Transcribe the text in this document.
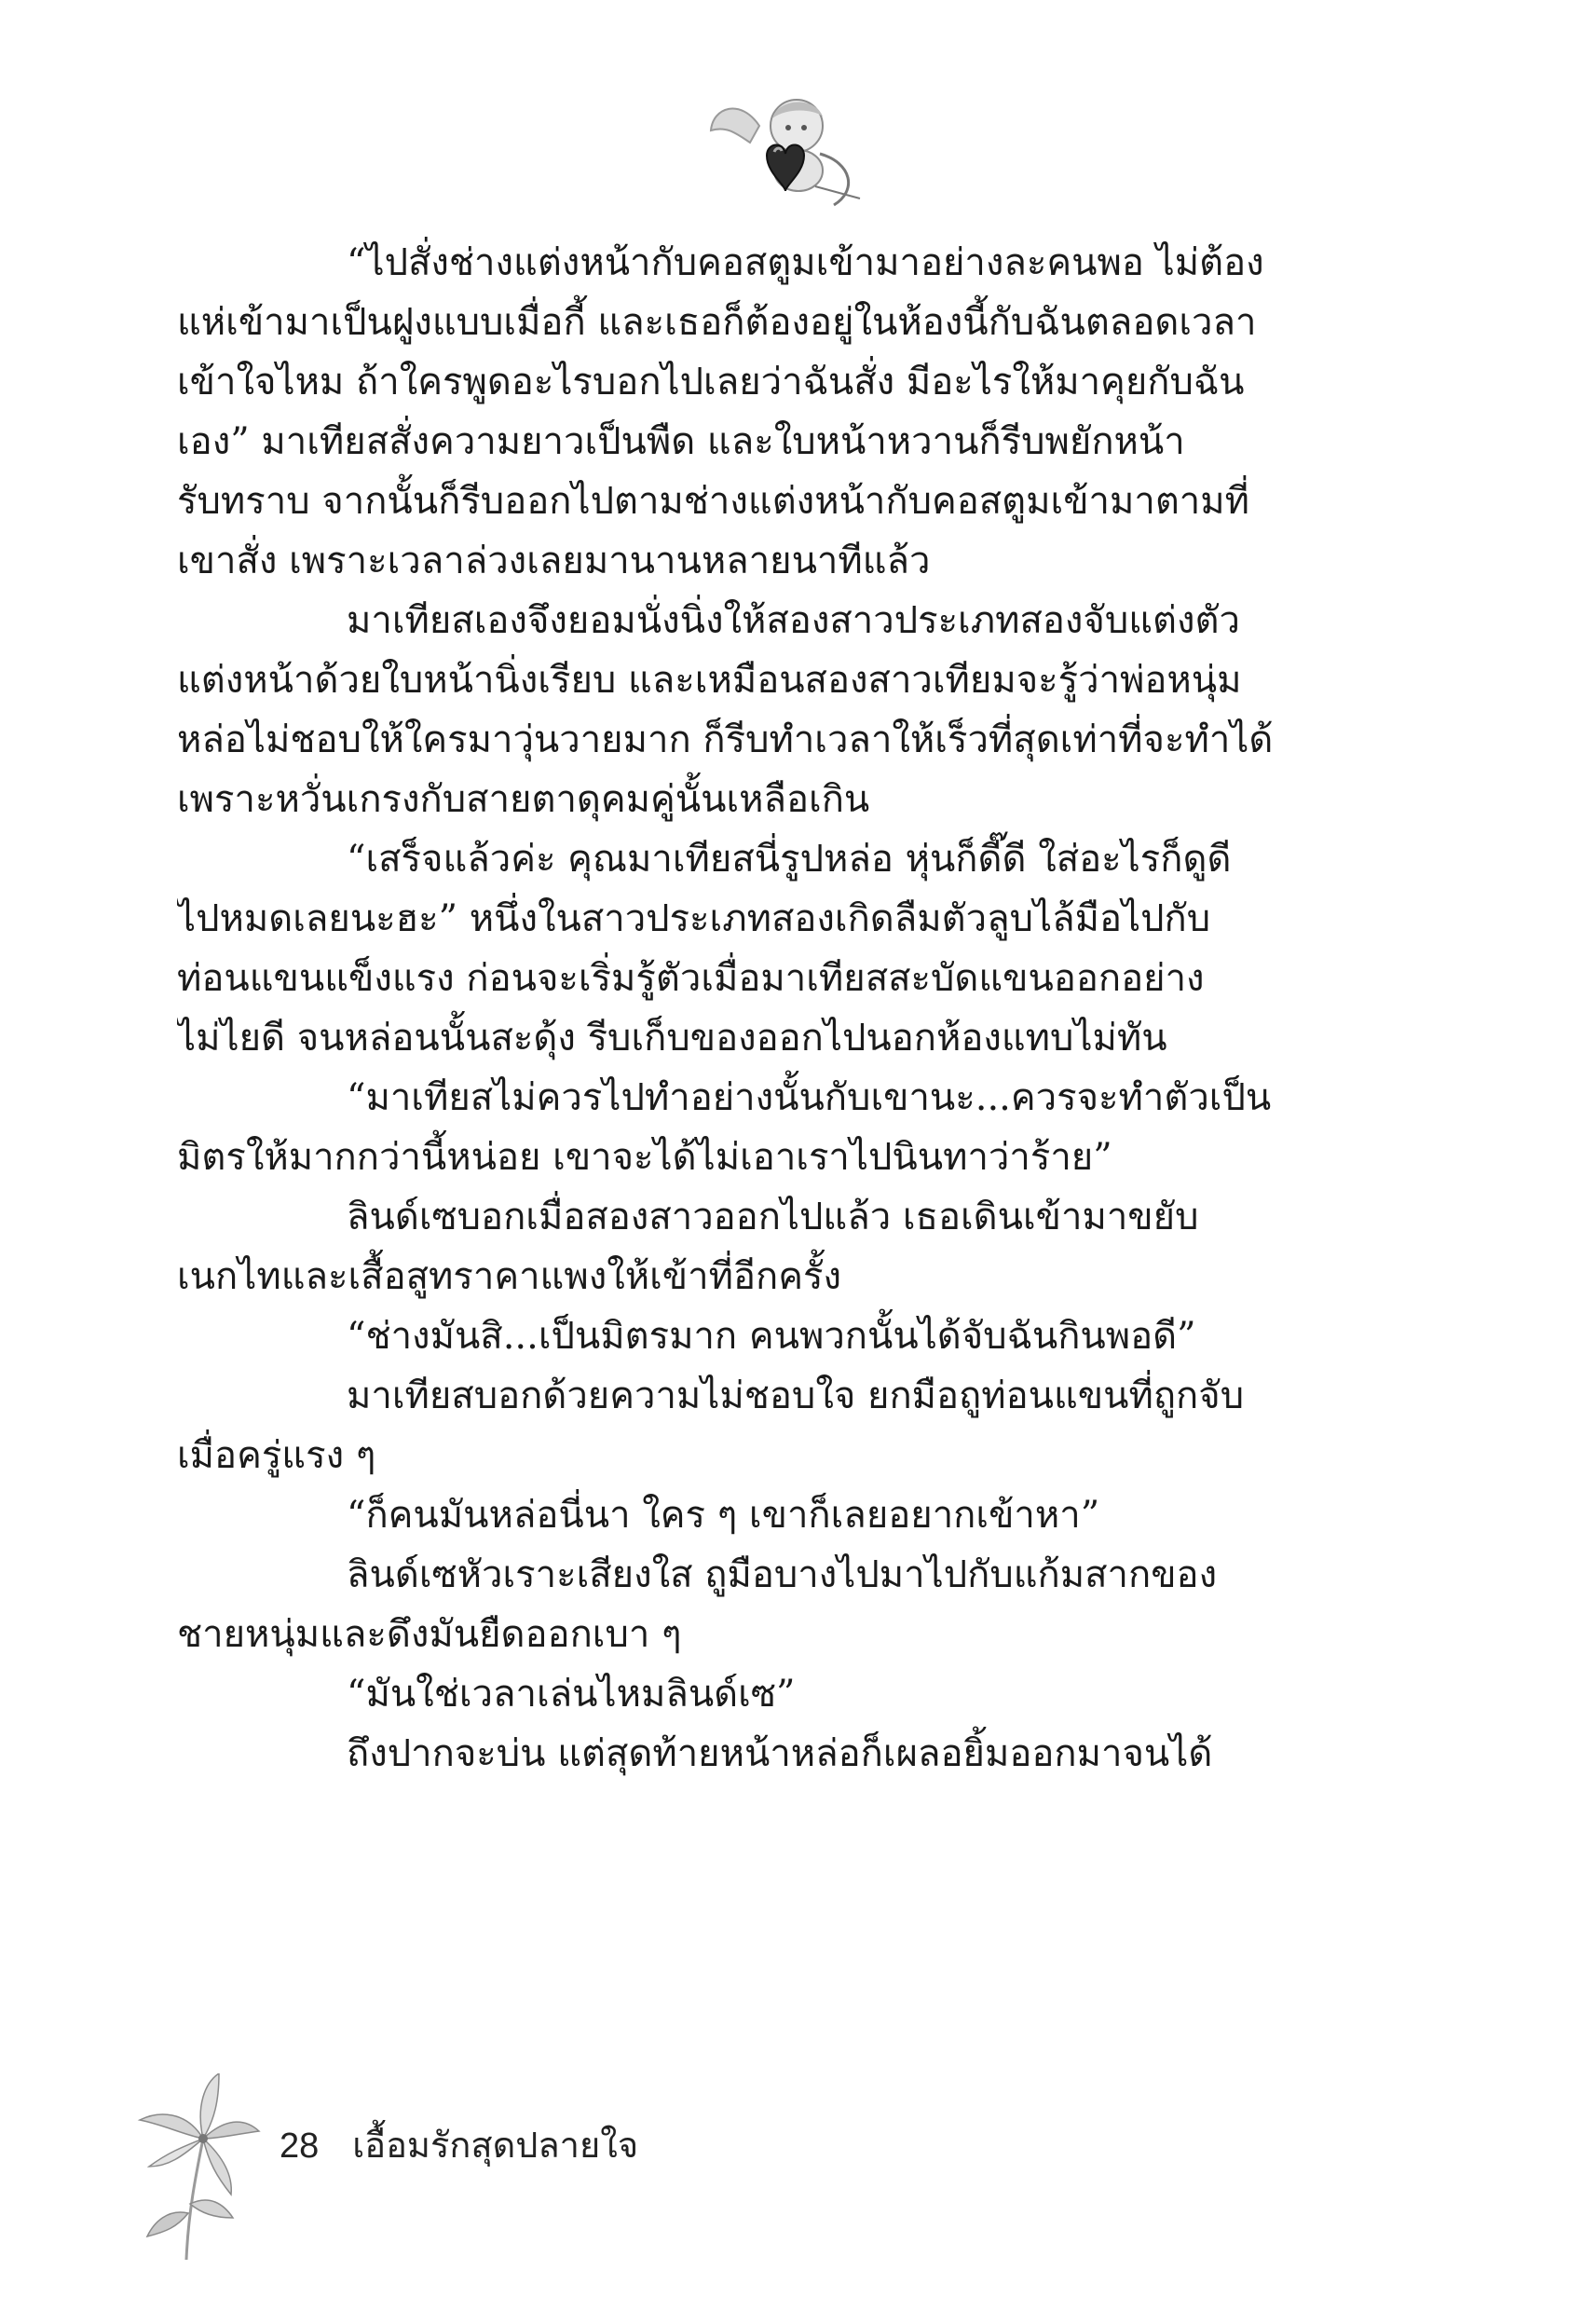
“ไปสั่งช่างแต่งหน้ากับคอสตูมเข้ามาอย่างละคนพอ ไม่ต้อง
แห่เข้ามาเป็นฝูงแบบเมื่อกี้ และเธอก็ต้องอยู่ในห้องนี้กับฉันตลอดเวลา
เข้าใจไหม ถ้าใครพูดอะไรบอกไปเลยว่าฉันสั่ง มีอะไรให้มาคุยกับฉัน
เอง” มาเทียสสั่งความยาวเป็นพืด และใบหน้าหวานก็รีบพยักหน้า
รับทราบ จากนั้นก็รีบออกไปตามช่างแต่งหน้ากับคอสตูมเข้ามาตามที่
เขาสั่ง เพราะเวลาล่วงเลยมานานหลายนาทีแล้ว
มาเทียสเองจึงยอมนั่งนิ่งให้สองสาวประเภทสองจับแต่งตัว
แต่งหน้าด้วยใบหน้านิ่งเรียบ และเหมือนสองสาวเทียมจะรู้ว่าพ่อหนุ่ม
หล่อไม่ชอบให้ใครมาวุ่นวายมาก ก็รีบทำเวลาให้เร็วที่สุดเท่าที่จะทำได้
เพราะหวั่นเกรงกับสายตาดุคมคู่นั้นเหลือเกิน
“เสร็จแล้วค่ะ คุณมาเทียสนี่รูปหล่อ หุ่นก็ดี๊ดี ใส่อะไรก็ดูดี
ไปหมดเลยนะฮะ” หนึ่งในสาวประเภทสองเกิดลืมตัวลูบไล้มือไปกับ
ท่อนแขนแข็งแรง ก่อนจะเริ่มรู้ตัวเมื่อมาเทียสสะบัดแขนออกอย่าง
ไม่ไยดี จนหล่อนนั้นสะดุ้ง รีบเก็บของออกไปนอกห้องแทบไม่ทัน
“มาเทียสไม่ควรไปทำอย่างนั้นกับเขานะ...ควรจะทำตัวเป็น
มิตรให้มากกว่านี้หน่อย เขาจะได้ไม่เอาเราไปนินทาว่าร้าย”
ลินด์เซบอกเมื่อสองสาวออกไปแล้ว เธอเดินเข้ามาขยับ
เนกไทและเสื้อสูทราคาแพงให้เข้าที่อีกครั้ง
“ช่างมันสิ...เป็นมิตรมาก คนพวกนั้นได้จับฉันกินพอดี”
มาเทียสบอกด้วยความไม่ชอบใจ ยกมือถูท่อนแขนที่ถูกจับ
เมื่อครู่แรง ๆ
“ก็คนมันหล่อนี่นา ใคร ๆ เขาก็เลยอยากเข้าหา”
ลินด์เซหัวเราะเสียงใส ถูมือบางไปมาไปกับแก้มสากของ
ชายหนุ่มและดึงมันยืดออกเบา ๆ
“มันใช่เวลาเล่นไหมลินด์เซ”
ถึงปากจะบ่น แต่สุดท้ายหน้าหล่อก็เผลอยิ้มออกมาจนได้
28 เอื้อมรักสุดปลายใจ
